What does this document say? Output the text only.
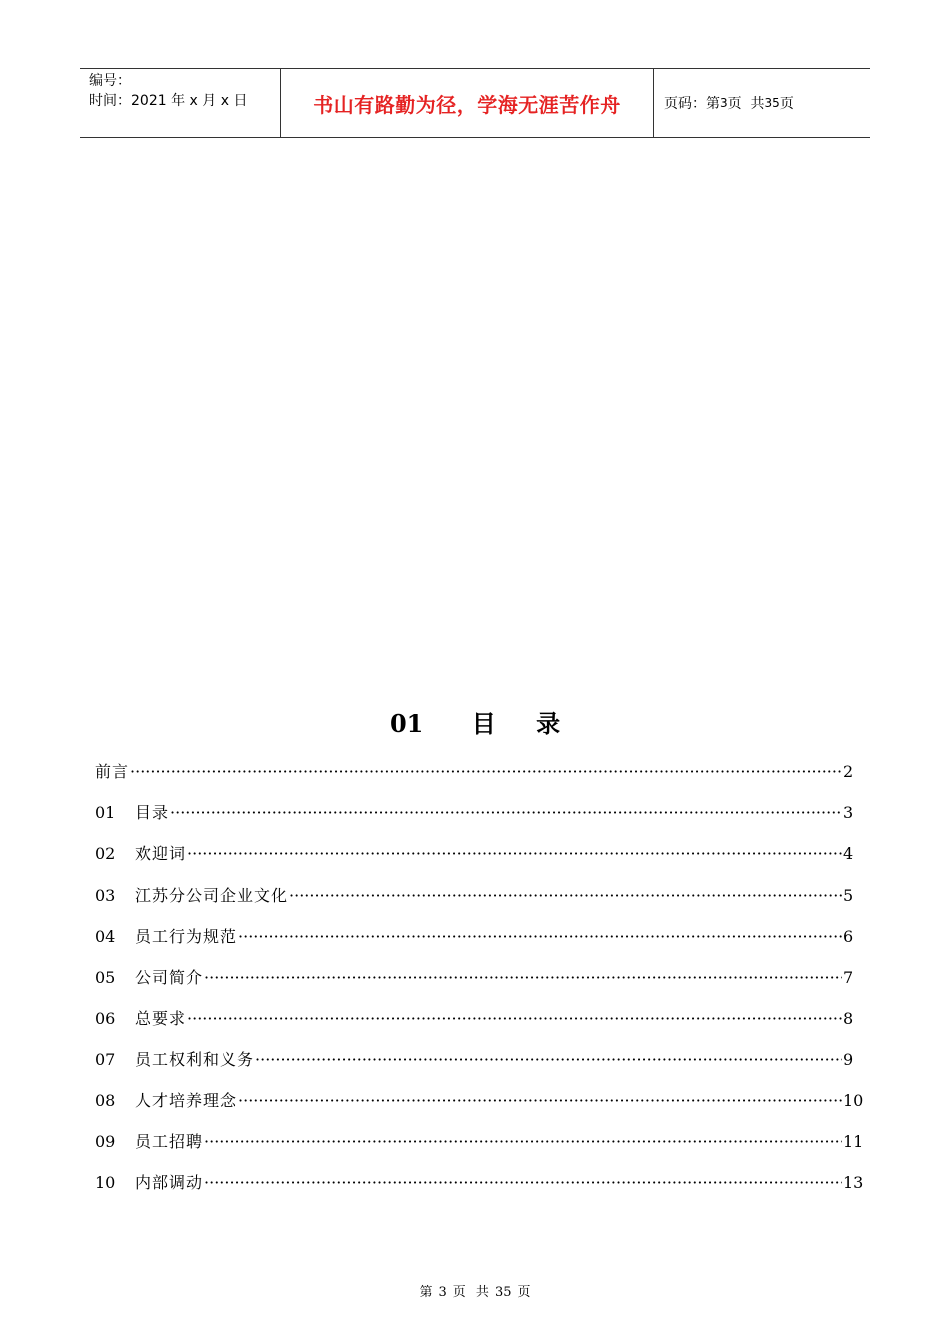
编号：
时间：2021 年 x 月 x 日	书山有路勤为径，学海无涯苦作舟	页码：第 3 页  共 35 页
01 目 录
前言 ·····	2
01	目录 ·····	3
02	欢迎词 ·····	4
03	江苏分公司企业文化 ·····	5
04	员工行为规范 ·····	6
05	公司简介 ·····	7
06	总要求 ·····	8
07	员工权利和义务 ·····	9
08	人才培养理念 ·····	10
09	员工招聘 ·····	11
10	内部调动 ·····	13
第 3 页 共 35 页
